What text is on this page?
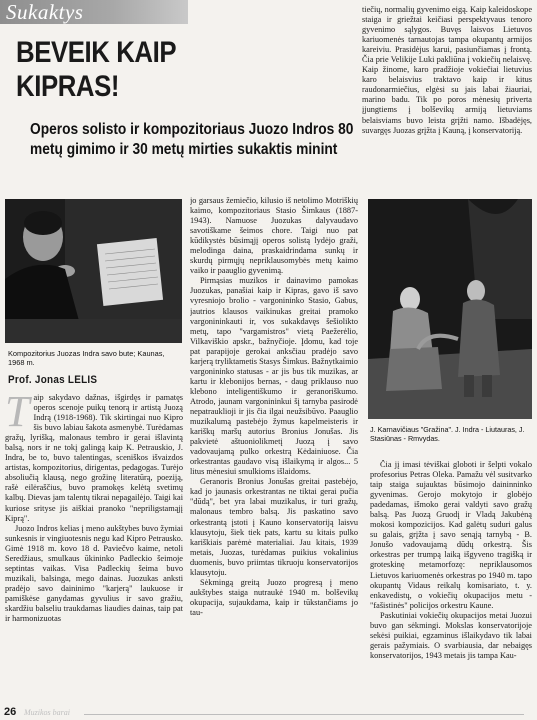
Sukaktys
BEVEIK KAIP
KIPRAS!
Operos solisto ir kompozitoriaus Juozo Indros 80 metų gimimo ir 30 metų mirties sukaktis minint

tiečių, normalių gyvenimo eigą. Kaip kaleidoskope staiga ir griežtai keičiasi perspektyvaus tenoro gyvenimo sąlygos. Buvęs laisvos Lietuvos kariuomenės tarnautojas tampa okupantų armijos kareiviu. Prasidėjus karui, pasiunčiamas į frontą. Čia prie Velikije Luki pakliūna į vokiečių nelaisvę. Kaip žinome, karo pradžioje vokiečiai lietuvius karo belaisvius traktavo kaip ir kitus raudonarmiečius, elgėsi su jais labai žiauriai, marino badu. Tik po poros mėnesių priverta įjungtiems į bolševikų armiją lietuviams belaisviams buvo leista grįžti namo. Išbadėjęs, suvargęs Juozas grįžta į Kauną, į konservatoriją.

Kompozitorius Juozas Indra savo bute; Kaunas, 1968 m.
J. Karnavičiaus "Gražina". J. Indra - Liutauras, J. Stasiūnas - Rmvydas.
Prof. Jonas LELIS

Taip sakydavo dažnas, išgirdęs ir pamatęs operos scenoje puikų tenorą ir artistą Juozą Indrą (1918-1968). Tik skirtingai nuo Kipro šis buvo labiau šakota asmenybė. Turėdamas gražų, lyrišką, malonaus tembro ir gerai išlavintą balsą, nors ir ne tokį galingą kaip K. Petrauskio, J. Indra, be to, buvo talentingas, sceniškos išvaizdos artistas, kompozitorius, dirigentas, pedagogas. Turėjo absoliučią klausą, nego grožinę literatūrą, poeziją, rašė eilėraščius, buvo pramokęs kelėtą svetimų kalbų. Dievas jam talentų tikrai nepagailėjo. Taigi kai kuriose srityse jis aiškiai pranoko "nepriligstamąjį Kiprą".

Juozo Indros kelias į meno aukštybes buvo žymiai sunkesnis ir vingiuotesnis negu kad Kipro Petrausko. Gimė 1918 m. kovo 18 d. Paviečvo kaime, netoli Seredžiaus, smulkaus ūkininko Padleckio šeimoje septintas vaikas. Visa Padleckių šeima buvo muzikali, balsinga, mego dainas. Juozukas anksti pradėjo savo daininimo "karjerą" laukuose ir pamiškėse ganydamas gyvulius ir savo gražiu, skardžiu balseliu traukdamas liaudies dainas, taip pat ir harmonizuotas

jo garsaus žemiečio, kilusio iš netolimo Motriškių kaimo, kompozitoriaus Stasio Šimkaus (1887-1943). Namuose Juozukas dalyvaudavo savotiškame šeimos chore. Taigi nuo pat kūdikystės būsimąjį operos solistą lydėjo graži, melodinga daina, praskaidrindama sunkų ir skurdų pirmųjų nepriklausomybės metų kaimo vaiko ir paauglio gyvenimą.

Pirmąsias muzikos ir dainavimo pamokas Juozukas, panašiai kaip ir Kipras, gavo iš savo vyresniojo brolio - vargonininko Stasio, Gabus, jautrios klausos vaikinukas greitai pramoko vargonininkauti ir, vos sukakdavęs šešiolikto metų, tapo "vargamistros" vietą Paežerėlio, Vilkaviškio apskr., bažnyčioje. Įdomu, kad toje pat parapijoje gerokai anksčiau pradėjo savo karjerą tryliktametis Stasys Šimkus. Bažnytkaimio vargonininko statusas - ar jis bus tik muzikas, ar kartu ir klebonijos bernas, - daug priklauso nuo klebono inteligentiškumo ir geranoriškumo. Atrodo, jaunam vargonininkui šį tarnyba pasirodė nepatrauklioji ir jis čia ilgai neužsibūvo. Paaugliο muzikalumą pastebėjo žymus kapelmeisteris ir kariškų maršų autorius Bronius Jonušas. Jis pakvietė aštuoniolikmetį Juozą į savo vadovaujamą pulko orkestrą Kėdainiuose. Čia orkestrantas gaudavo visą išlaikymą ir algos... 5 litus mėnesiui smulkioms išlaidoms.

Geranoris Bronius Jonušas greitai pastebėjo, kad jo jaunasis orkestrantas ne tiktai gerai pučia "dūdą", bet yra labai muzikalus, ir turi gražų, malonaus tembro balsą. Jis paskatino savo orkestrantą įstoti į Kauno konservatoriją laisvu klausytoju, šiek tiek pats, kartu su kitais pulko kariškiais parėmė materialiai. Jau kitais, 1939 metais, Juozas, turėdamas puikius vokalinius duomenis, buvo priimtas tikruoju konservatorijos klausytoju.

Sėkmingą greitą Juozo progresą į meno aukštybes staiga nutraukė 1940 m. bolševikų okupacija, sujaukdama, kaip ir tūkstančiams jo tau-

Čia jį imasi tėviškai globoti ir šelpti vokalo profesorius Petras Oleka. Pamažu vėl susitvarko taip staiga sujauktas būsimojo daininninko gyvenimas. Gerojo mokytojo ir globėjo padedamas, išmoko gerai valdyti savo gražų balsą. Pas Juozą Gruodį ir Vladą Jakubėną mokosi kompozicijos. Kad galėtų suduri galus su galais, grįžta į savo senąją tarnybą - B. Jonušo vadovaujamą dūdų orkestrą. Šis orkestras per trumpą laiką išgyveno tragišką ir groteskinę metamorfozę: nepriklausomos Lietuvos kariuomenės orkestras po 1940 m. tapo okupantų Vidaus reikalų komisariato, t. y. enkavedistų, o vokiečių okupacijos metu - "fašistinės" policijos orkestru Kaune.

Paskutiniai vokiečių okupacijos metai Juozui buvo gan sėkmingi. Mokslas konservatorijoje sekėsi puikiai, egzaminus išlaikydavo tik labai gerais pažymiais. O svarbiausia, dar nebaigęs konservatorijos, 1943 metais jis tampa Kau-

26 Muzikos barai
